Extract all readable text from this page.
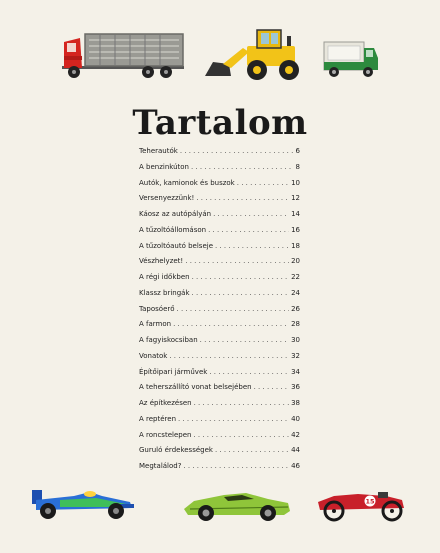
Tartalom
Teherautók . . .	6
A benzinkúton . . .	8
Autók, kamionok és buszok . . .	10
Versenyezzünk! . . .	12
Káosz az autópályán . . .	14
A tűzoltóállomáson . . .	16
A tűzoltóautó belseje . . .	18
Vészhelyzet! . . .	20
A régi időkben . . .	22
Klassz bringák . . .	24
Taposóerő . . .	26
A farmon . . .	28
A fagyiskocsiban . . .	30
Vonatok . . .	32
Építőipari járművek . . .	34
A teherszállító vonat belsejében . . .	36
Az építkezésen . . .	38
A reptéren . . .	40
A roncstelepen . . .	42
Guruló érdekességek . . .	44
Megtalálod? . . .	46
15
